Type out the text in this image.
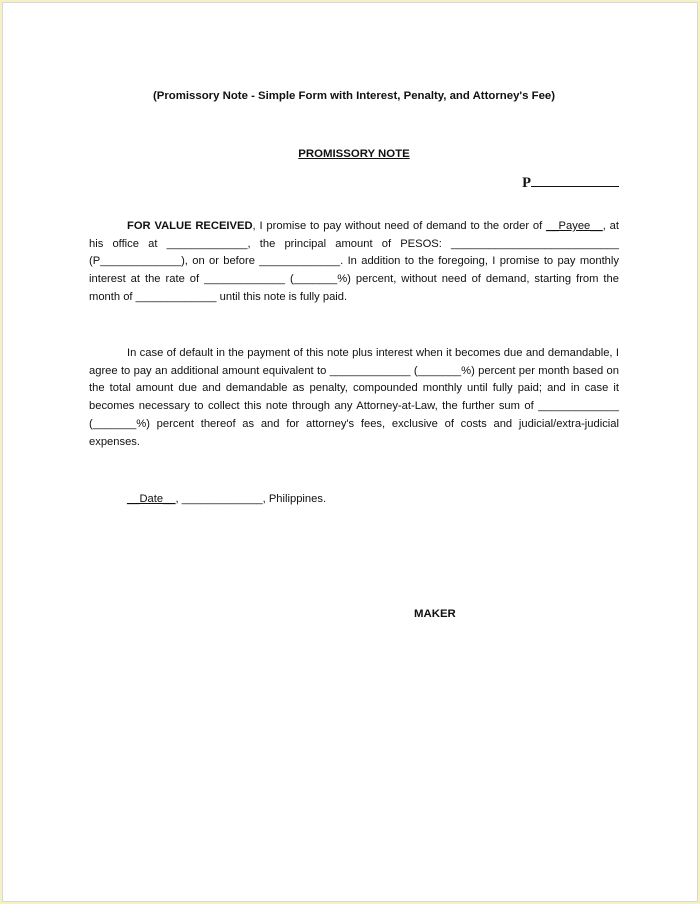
(Promissory Note - Simple Form with Interest, Penalty, and Attorney's Fee)
PROMISSORY NOTE
P

FOR VALUE RECEIVED, I promise to pay without need of demand to the order of __Payee__, at his office at _____________, the principal amount of PESOS: ___________________________ (P_____________), on or before _____________. In addition to the foregoing, I promise to pay monthly interest at the rate of _____________ (_______%) percent, without need of demand, starting from the month of _____________ until this note is fully paid.

In case of default in the payment of this note plus interest when it becomes due and demandable, I agree to pay an additional amount equivalent to _____________ (_______%) percent per month based on the total amount due and demandable as penalty, compounded monthly until fully paid; and in case it becomes necessary to collect this note through any Attorney-at-Law, the further sum of _____________ (_______%) percent thereof as and for attorney's fees, exclusive of costs and judicial/extra-judicial expenses.

__Date__, _____________, Philippines.

MAKER
